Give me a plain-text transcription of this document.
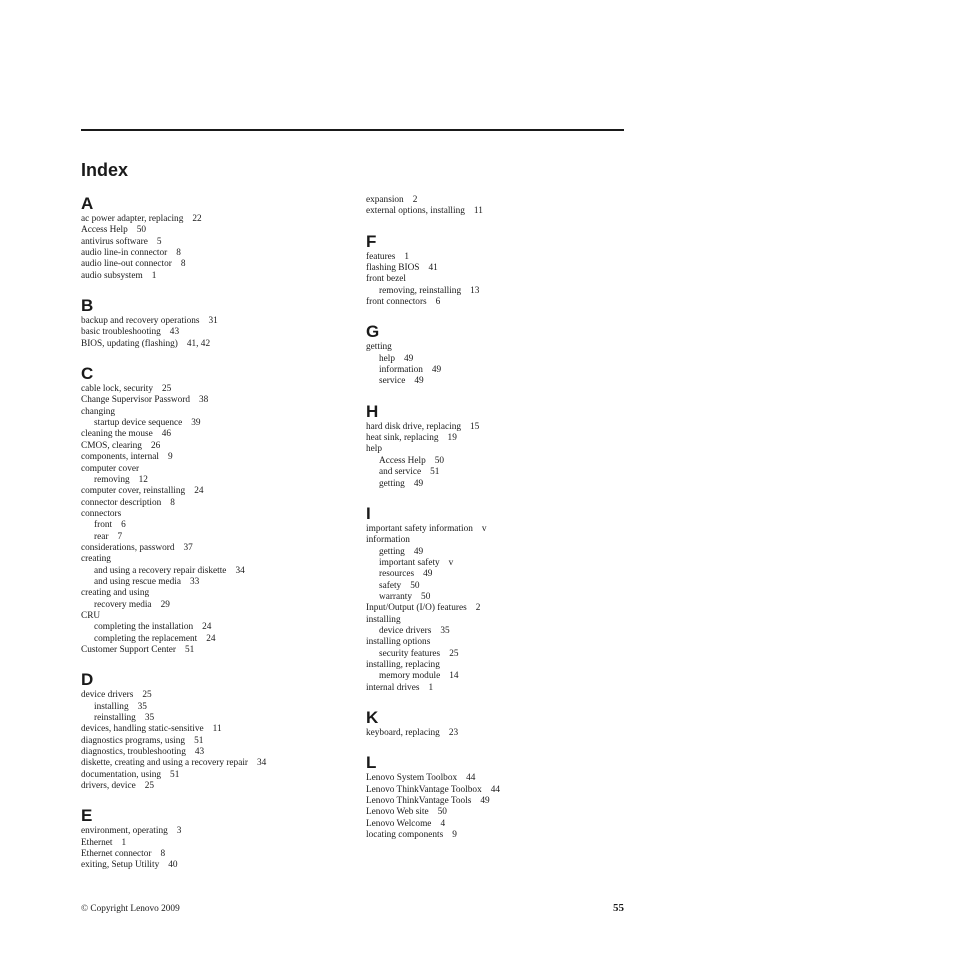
Index
A
ac power adapter, replacing 22
Access Help 50
antivirus software 5
audio line-in connector 8
audio line-out connector 8
audio subsystem 1
B
backup and recovery operations 31
basic troubleshooting 43
BIOS, updating (flashing) 41, 42
C
cable lock, security 25
Change Supervisor Password 38
changing
startup device sequence 39
cleaning the mouse 46
CMOS, clearing 26
components, internal 9
computer cover
removing 12
computer cover, reinstalling 24
connector description 8
connectors
front 6
rear 7
considerations, password 37
creating
and using a recovery repair diskette 34
and using rescue media 33
creating and using
recovery media 29
CRU
completing the installation 24
completing the replacement 24
Customer Support Center 51
D
device drivers 25
installing 35
reinstalling 35
devices, handling static-sensitive 11
diagnostics programs, using 51
diagnostics, troubleshooting 43
diskette, creating and using a recovery repair 34
documentation, using 51
drivers, device 25
E
environment, operating 3
Ethernet 1
Ethernet connector 8
exiting, Setup Utility 40
expansion 2
external options, installing 11
F
features 1
flashing BIOS 41
front bezel
removing, reinstalling 13
front connectors 6
G
getting
help 49
information 49
service 49
H
hard disk drive, replacing 15
heat sink, replacing 19
help
Access Help 50
and service 51
getting 49
I
important safety information v
information
getting 49
important safety v
resources 49
safety 50
warranty 50
Input/Output (I/O) features 2
installing
device drivers 35
installing options
security features 25
installing, replacing
memory module 14
internal drives 1
K
keyboard, replacing 23
L
Lenovo System Toolbox 44
Lenovo ThinkVantage Toolbox 44
Lenovo ThinkVantage Tools 49
Lenovo Web site 50
Lenovo Welcome 4
locating components 9
© Copyright Lenovo 2009	55
